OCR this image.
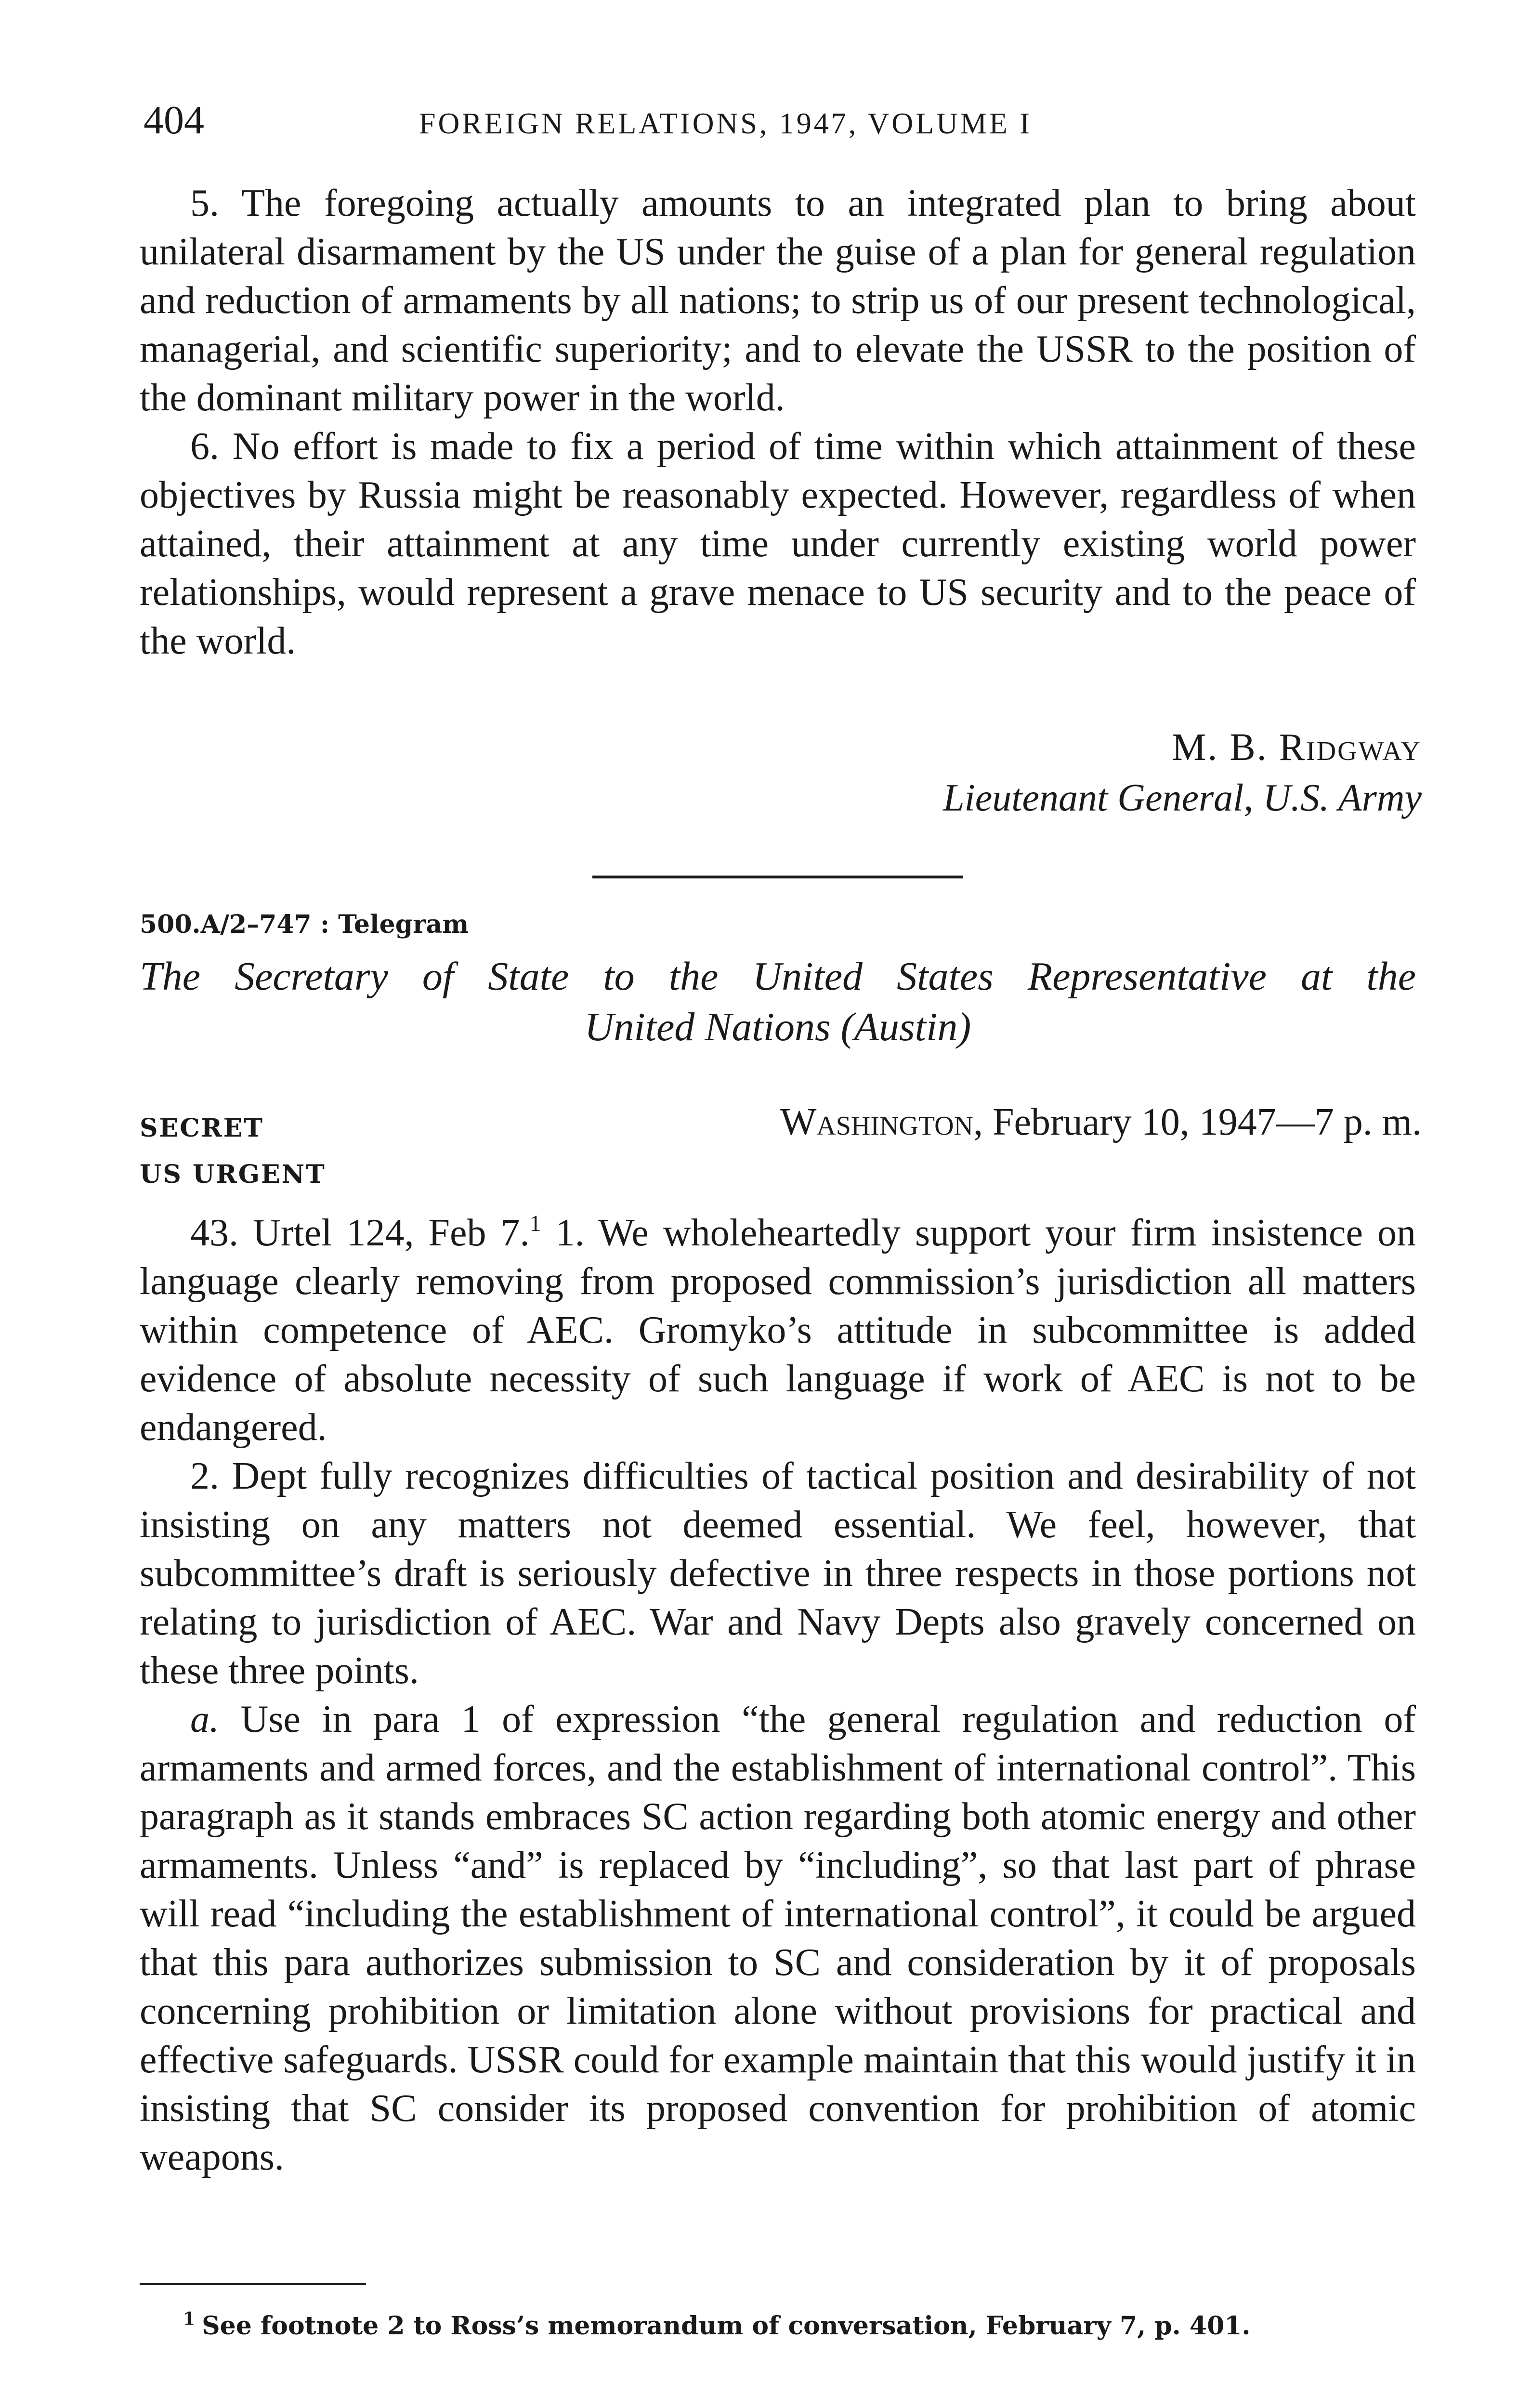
404	FOREIGN RELATIONS, 1947, VOLUME I

5. The foregoing actually amounts to an integrated plan to bring about unilateral disarmament by the US under the guise of a plan for general regulation and reduction of armaments by all nations; to strip us of our present technological, managerial, and scientific superiority; and to elevate the USSR to the position of the dominant military power in the world.

6. No effort is made to fix a period of time within which attainment of these objectives by Russia might be reasonably expected. However, regardless of when attained, their attainment at any time under currently existing world power relationships, would represent a grave menace to US security and to the peace of the world.

M. B. Ridgway
Lieutenant General, U.S. Army
500.A/2–747 : Telegram
The Secretary of State to the United States Representative at the
United Nations (Austin)
SECRET
US URGENT
Washington, February 10, 1947—7 p. m.

43. Urtel 124, Feb 7.$^1$ 1. We wholeheartedly support your firm insistence on language clearly removing from proposed commission’s jurisdiction all matters within competence of AEC. Gromyko’s attitude in subcommittee is added evidence of absolute necessity of such language if work of AEC is not to be endangered.

2. Dept fully recognizes difficulties of tactical position and desirability of not insisting on any matters not deemed essential. We feel, however, that subcommittee’s draft is seriously defective in three respects in those portions not relating to jurisdiction of AEC. War and Navy Depts also gravely concerned on these three points.

a. Use in para 1 of expression “the general regulation and reduction of armaments and armed forces, and the establishment of international control”. This paragraph as it stands embraces SC action regarding both atomic energy and other armaments. Unless “and” is replaced by “including”, so that last part of phrase will read “including the establishment of international control”, it could be argued that this para authorizes submission to SC and consideration by it of proposals concerning prohibition or limitation alone without provisions for practical and effective safeguards. USSR could for example maintain that this would justify it in insisting that SC consider its proposed convention for prohibition of atomic weapons.

$^1$ See footnote 2 to Ross’s memorandum of conversation, February 7, p. 401.
